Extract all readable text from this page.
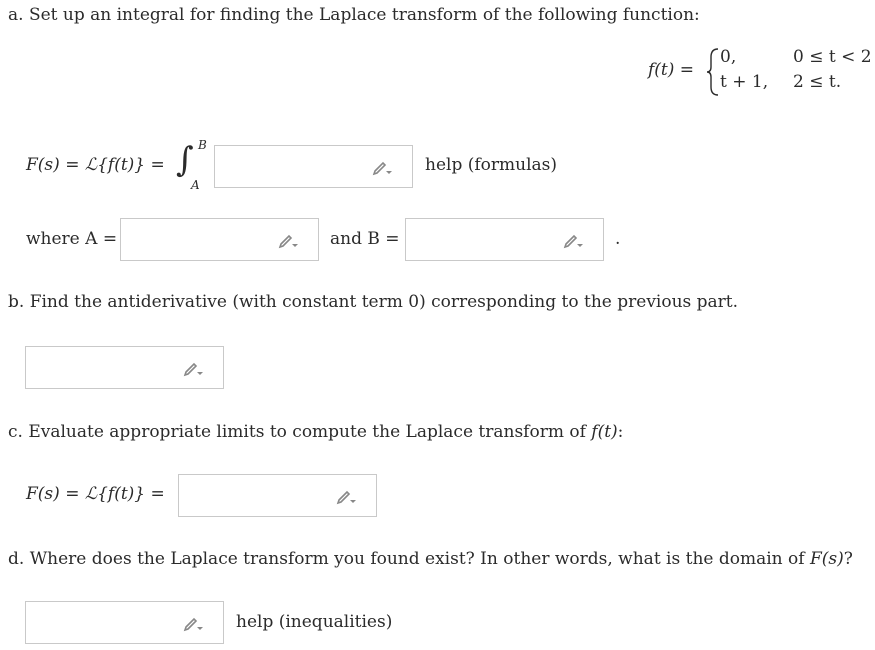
a. Set up an integral for finding the Laplace transform of the following function:
f(t) =
0,	0 ≤ t < 2
t + 1, 2 ≤ t.
F(s) = ℒ{f(t)} = ∫ B
A
help (formulas)
where A =	and B =	.
b. Find the antiderivative (with constant term 0) corresponding to the previous part.
c. Evaluate appropriate limits to compute the Laplace transform of f(t):
F(s) = ℒ{f(t)} =
d. Where does the Laplace transform you found exist? In other words, what is the domain of F(s)?
help (inequalities)
